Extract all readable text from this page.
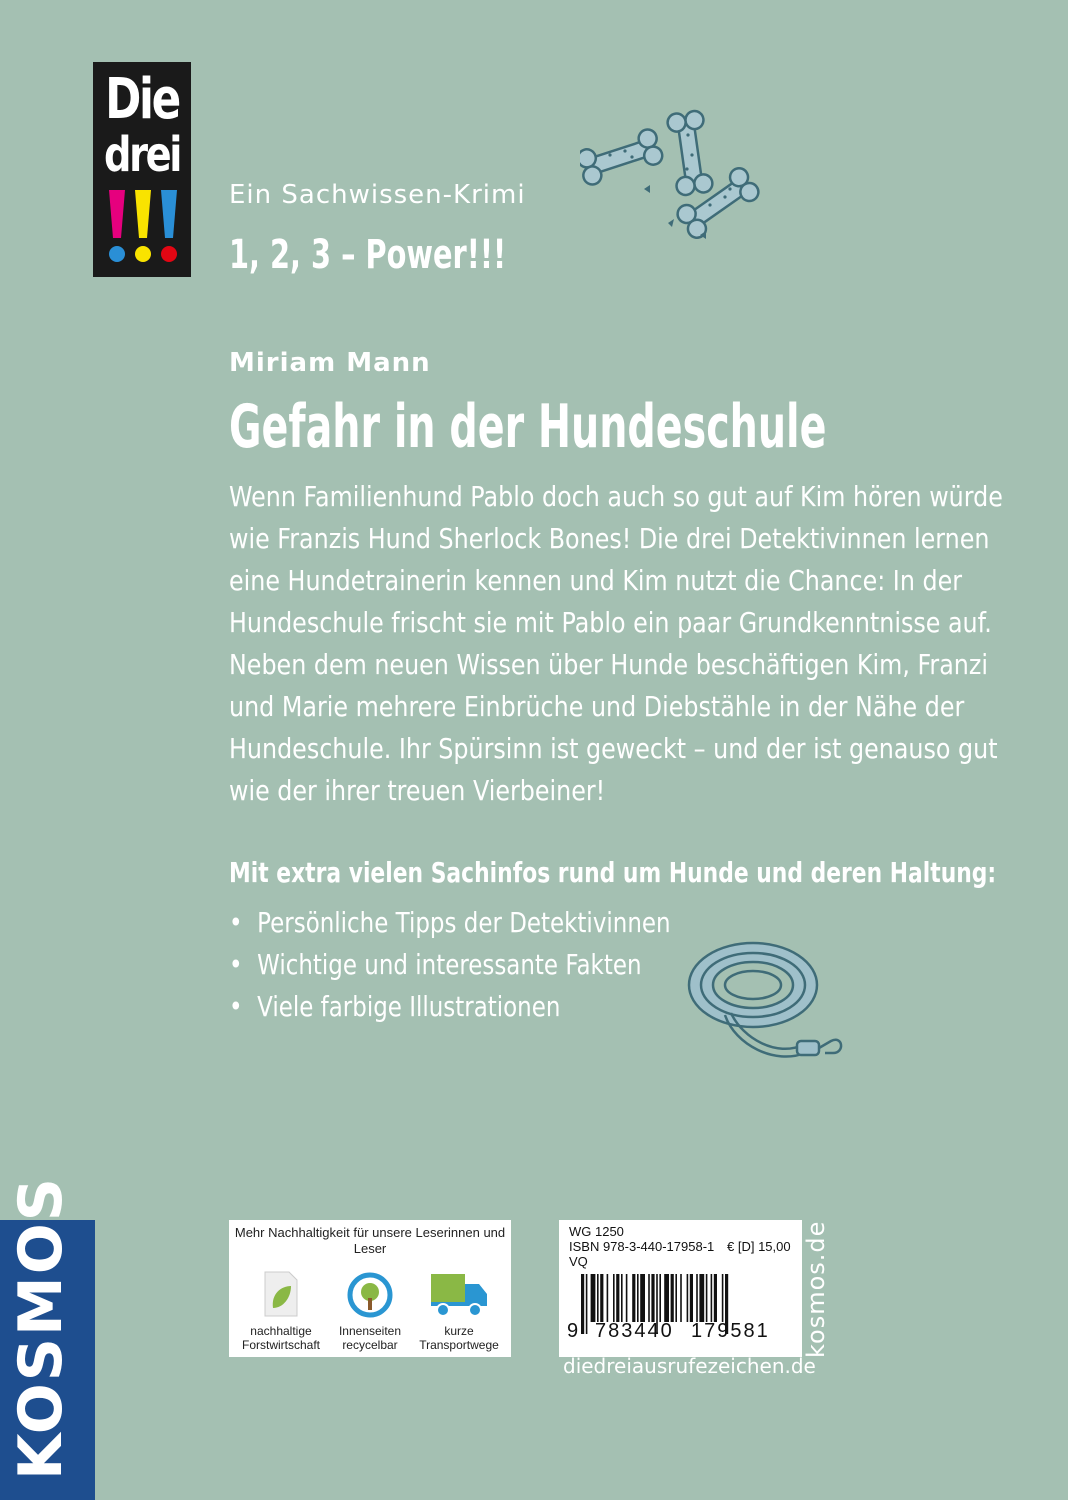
Die
drei
Ein Sachwissen-Krimi
1, 2, 3 – Power!!!
Miriam Mann
Gefahr in der Hundeschule

Wenn Familienhund Pablo doch auch so gut auf Kim hören würde

wie Franzis Hund Sherlock Bones! Die drei Detektivinnen lernen

eine Hundetrainerin kennen und Kim nutzt die Chance: In der

Hundeschule frischt sie mit Pablo ein paar Grundkenntnisse auf.

Neben dem neuen Wissen über Hunde beschäftigen Kim, Franzi

und Marie mehrere Einbrüche und Diebstähle in der Nähe der

Hundeschule. Ihr Spürsinn ist geweckt – und der ist genauso gut

wie der ihrer treuen Vierbeiner!

Mit extra vielen Sachinfos rund um Hunde und deren Haltung:
•  Persönliche Tipps der Detektivinnen
•  Wichtige und interessante Fakten
•  Viele farbige Illustrationen
KOSMOS	Mehr Nachhaltigkeit für unsere Leserinnen und Leser
nachhaltige
Forstwirtschaft
Innenseiten
recycelbar
kurze
Transportwege
WG 1250
ISBN 978-3-440-17958-1 € [D] 15,00
VQ
9 783440 179581 kosmos.de
diedreiausrufezeichen.de
